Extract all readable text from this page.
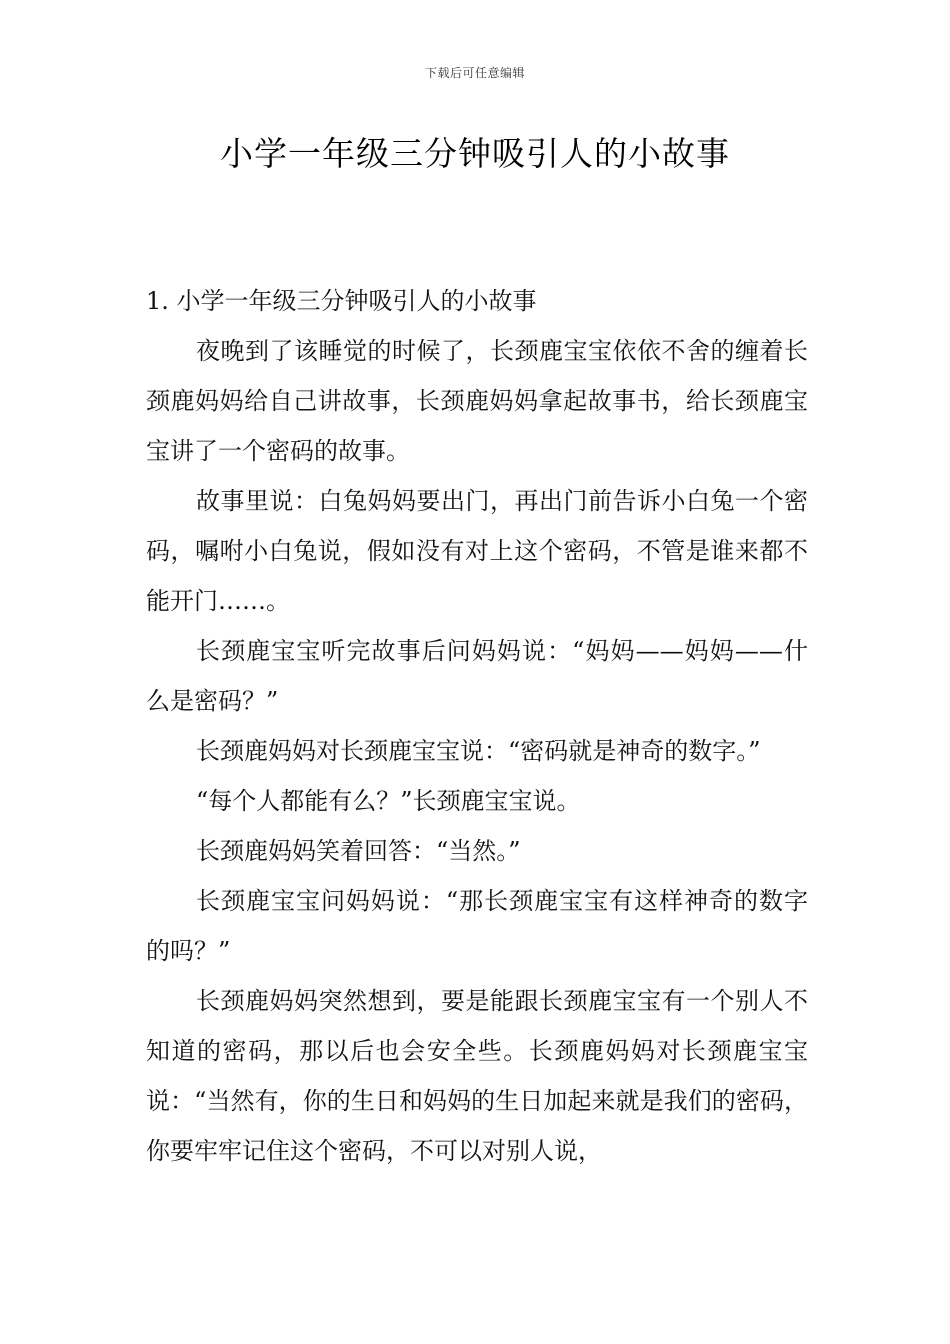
下载后可任意编辑
小学一年级三分钟吸引人的小故事

1. 小学一年级三分钟吸引人的小故事

夜晚到了该睡觉的时候了，长颈鹿宝宝依依不舍的缠着长颈鹿妈妈给自己讲故事，长颈鹿妈妈拿起故事书，给长颈鹿宝宝讲了一个密码的故事。

故事里说：白兔妈妈要出门，再出门前告诉小白兔一个密码，嘱咐小白兔说，假如没有对上这个密码，不管是谁来都不能开门……。

长颈鹿宝宝听完故事后问妈妈说：“妈妈——妈妈——什么是密码？”

长颈鹿妈妈对长颈鹿宝宝说：“密码就是神奇的数字。”

“每个人都能有么？”长颈鹿宝宝说。

长颈鹿妈妈笑着回答：“当然。”

长颈鹿宝宝问妈妈说：“那长颈鹿宝宝有这样神奇的数字的吗？”

长颈鹿妈妈突然想到，要是能跟长颈鹿宝宝有一个别人不知道的密码，那以后也会安全些。长颈鹿妈妈对长颈鹿宝宝说：“当然有，你的生日和妈妈的生日加起来就是我们的密码，你要牢牢记住这个密码，不可以对别人说，
